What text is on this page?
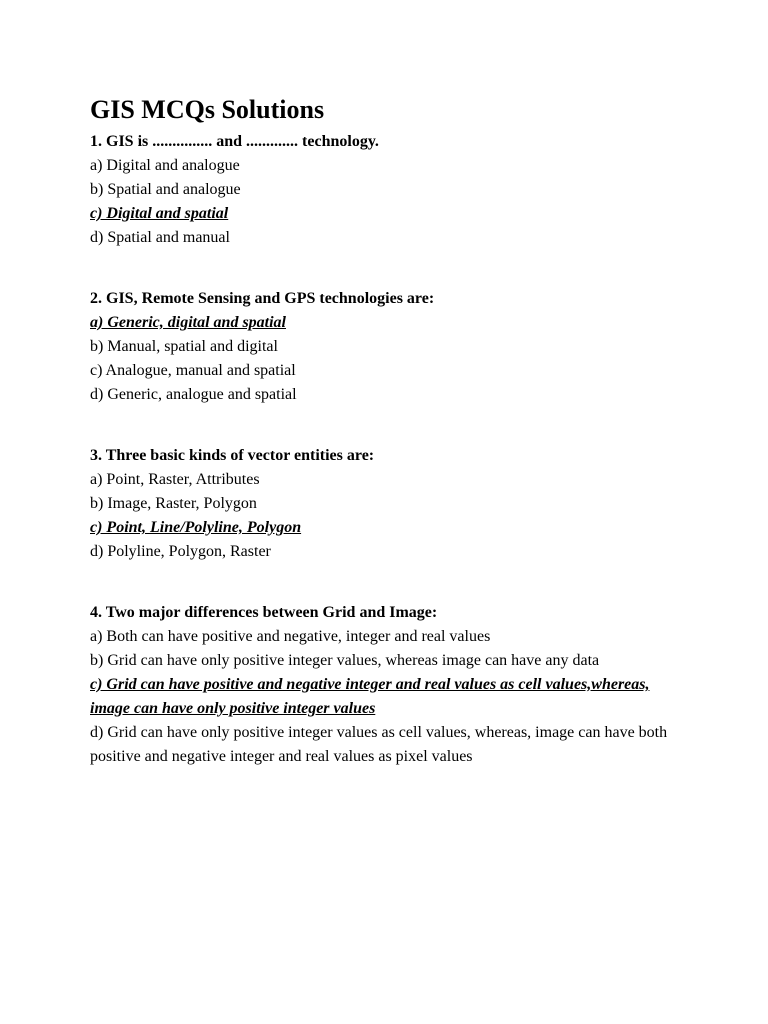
GIS MCQs Solutions
1. GIS is ............... and ............. technology.
a) Digital and analogue
b) Spatial and analogue
c) Digital and spatial
d) Spatial and manual
2. GIS, Remote Sensing and GPS technologies are:
a) Generic, digital and spatial
b) Manual, spatial and digital
c) Analogue, manual and spatial
d) Generic, analogue and spatial
3. Three basic kinds of vector entities are:
a) Point, Raster, Attributes
b) Image, Raster, Polygon
c) Point, Line/Polyline, Polygon
d) Polyline, Polygon, Raster
4. Two major differences between Grid and Image:
a) Both can have positive and negative, integer and real values
b) Grid can have only positive integer values, whereas image can have any data
c) Grid can have positive and negative integer and real values as cell values,whereas, image can have only positive integer values
d) Grid can have only positive integer values as cell values, whereas, image can have both
positive and negative integer and real values as pixel values
